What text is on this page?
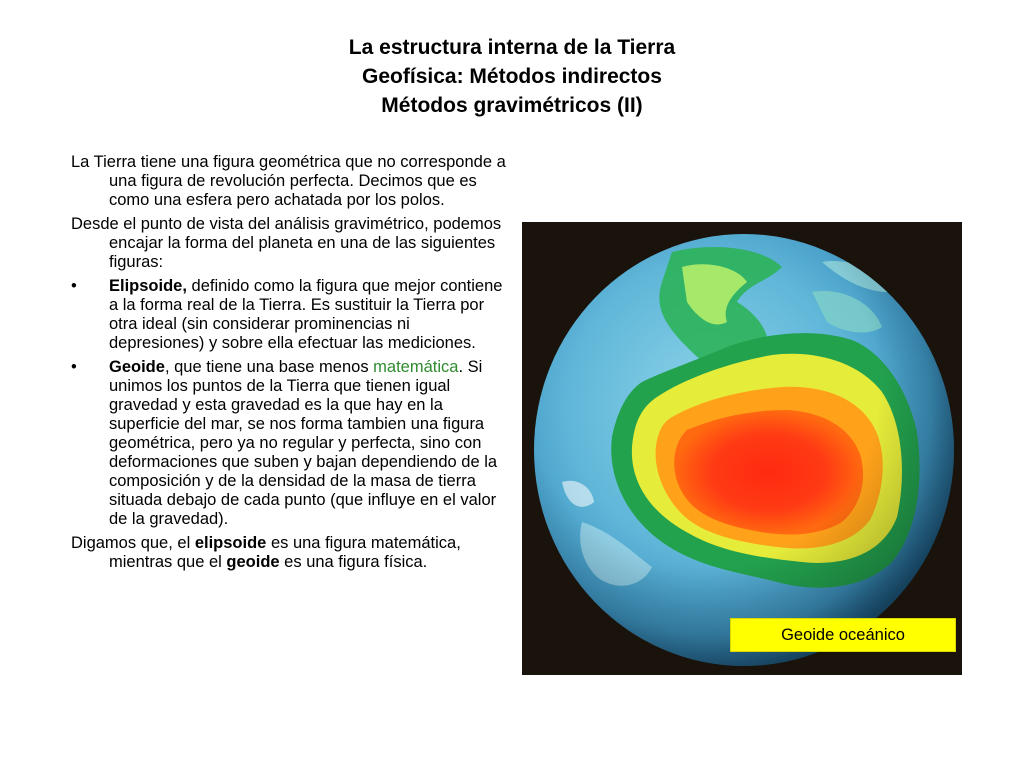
La estructura interna de la Tierra
Geofísica: Métodos indirectos
Métodos gravimétricos (II)

La Tierra tiene una figura geométrica que no corresponde a una figura de revolución perfecta. Decimos que es como una esfera pero achatada por los polos.

Desde el punto de vista del análisis gravimétrico, podemos encajar la forma del planeta en una de las siguientes figuras:

•	Elipsoide, definido como la figura que mejor contiene a la forma real de la Tierra. Es sustituir la Tierra por otra ideal (sin considerar prominencias ni depresiones) y sobre ella efectuar las mediciones.
•	Geoide, que tiene una base menos matemática. Si unimos los puntos de la Tierra que tienen igual gravedad y esta gravedad es la que hay en la superficie del mar, se nos forma tambien una figura geométrica, pero ya no regular y perfecta, sino con deformaciones que suben y bajan dependiendo de la composición y de la densidad de la masa de tierra situada debajo de cada punto (que influye en el valor de la gravedad).

Digamos que, el elipsoide es una figura matemática, mientras que el geoide es una figura física.

Geoide oceánico
